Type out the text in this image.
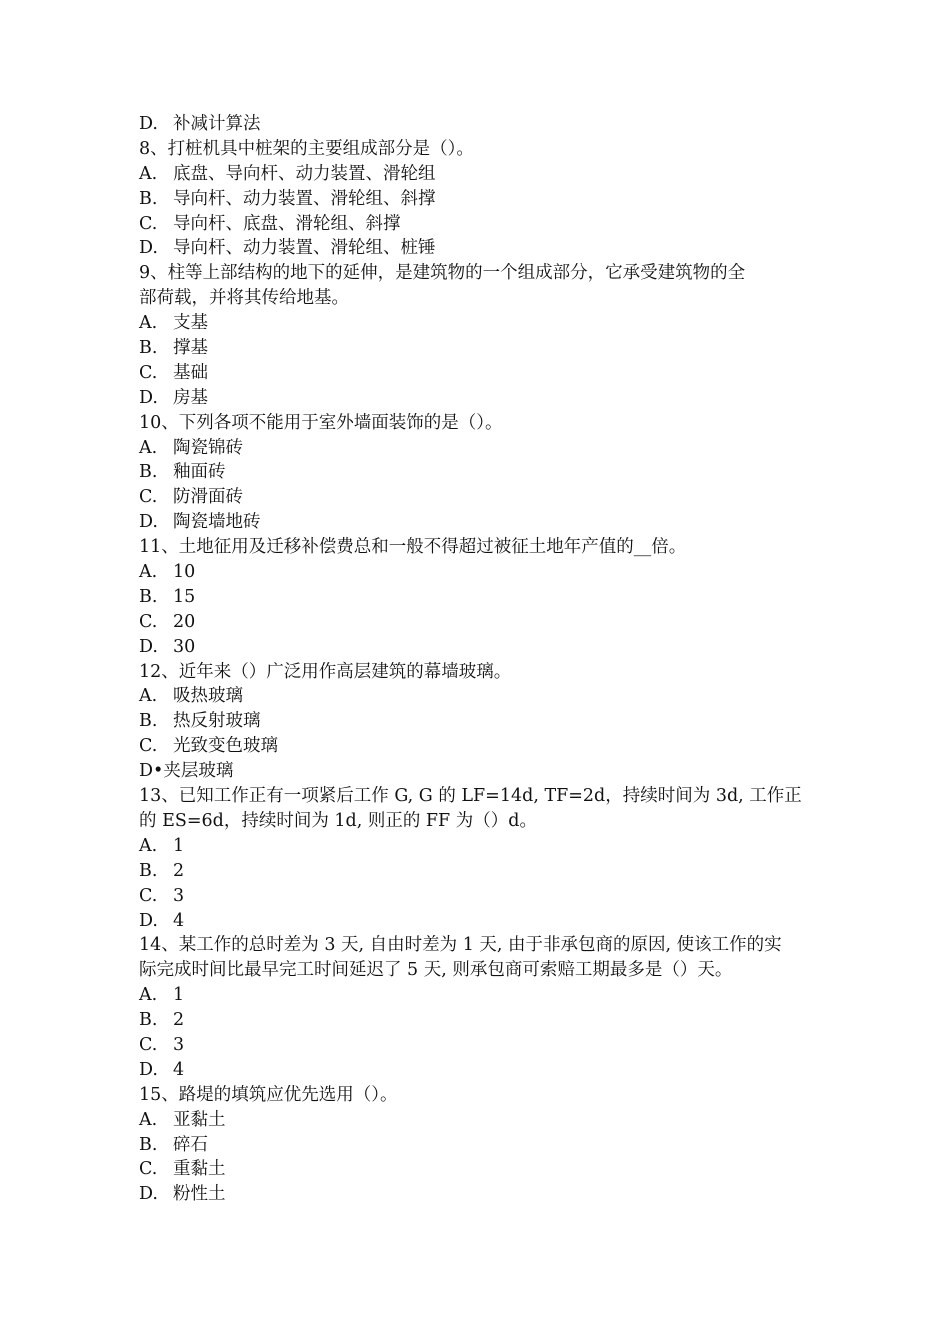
D. 补减计算法
8、打桩机具中桩架的主要组成部分是（）。
A. 底盘、导向杆、动力装置、滑轮组
B. 导向杆、动力装置、滑轮组、斜撑
C. 导向杆、底盘、滑轮组、斜撑
D. 导向杆、动力装置、滑轮组、桩锤
9、柱等上部结构的地下的延伸，是建筑物的一个组成部分，它承受建筑物的全
部荷载，并将其传给地基。
A. 支基
B. 撑基
C. 基础
D. 房基
10、下列各项不能用于室外墙面装饰的是（）。
A. 陶瓷锦砖
B. 釉面砖
C. 防滑面砖
D. 陶瓷墙地砖
11、土地征用及迁移补偿费总和一般不得超过被征土地年产值的__倍。
A. 10
B. 15
C. 20
D. 30
12、近年来（）广泛用作高层建筑的幕墙玻璃。
A. 吸热玻璃
B. 热反射玻璃
C. 光致变色玻璃
D•夹层玻璃
13、已知工作正有一项紧后工作 G, G 的 LF=14d, TF=2d，持续时间为 3d, 工作正
的 ES=6d，持续时间为 1d, 则正的 FF 为（）d。
A. 1
B. 2
C. 3
D. 4
14、某工作的总时差为 3 天, 自由时差为 1 天, 由于非承包商的原因, 使该工作的实
际完成时间比最早完工时间延迟了 5 天, 则承包商可索赔工期最多是（）天。
A. 1
B. 2
C. 3
D. 4
15、路堤的填筑应优先选用（）。
A. 亚黏土
B. 碎石
C. 重黏土
D. 粉性土
